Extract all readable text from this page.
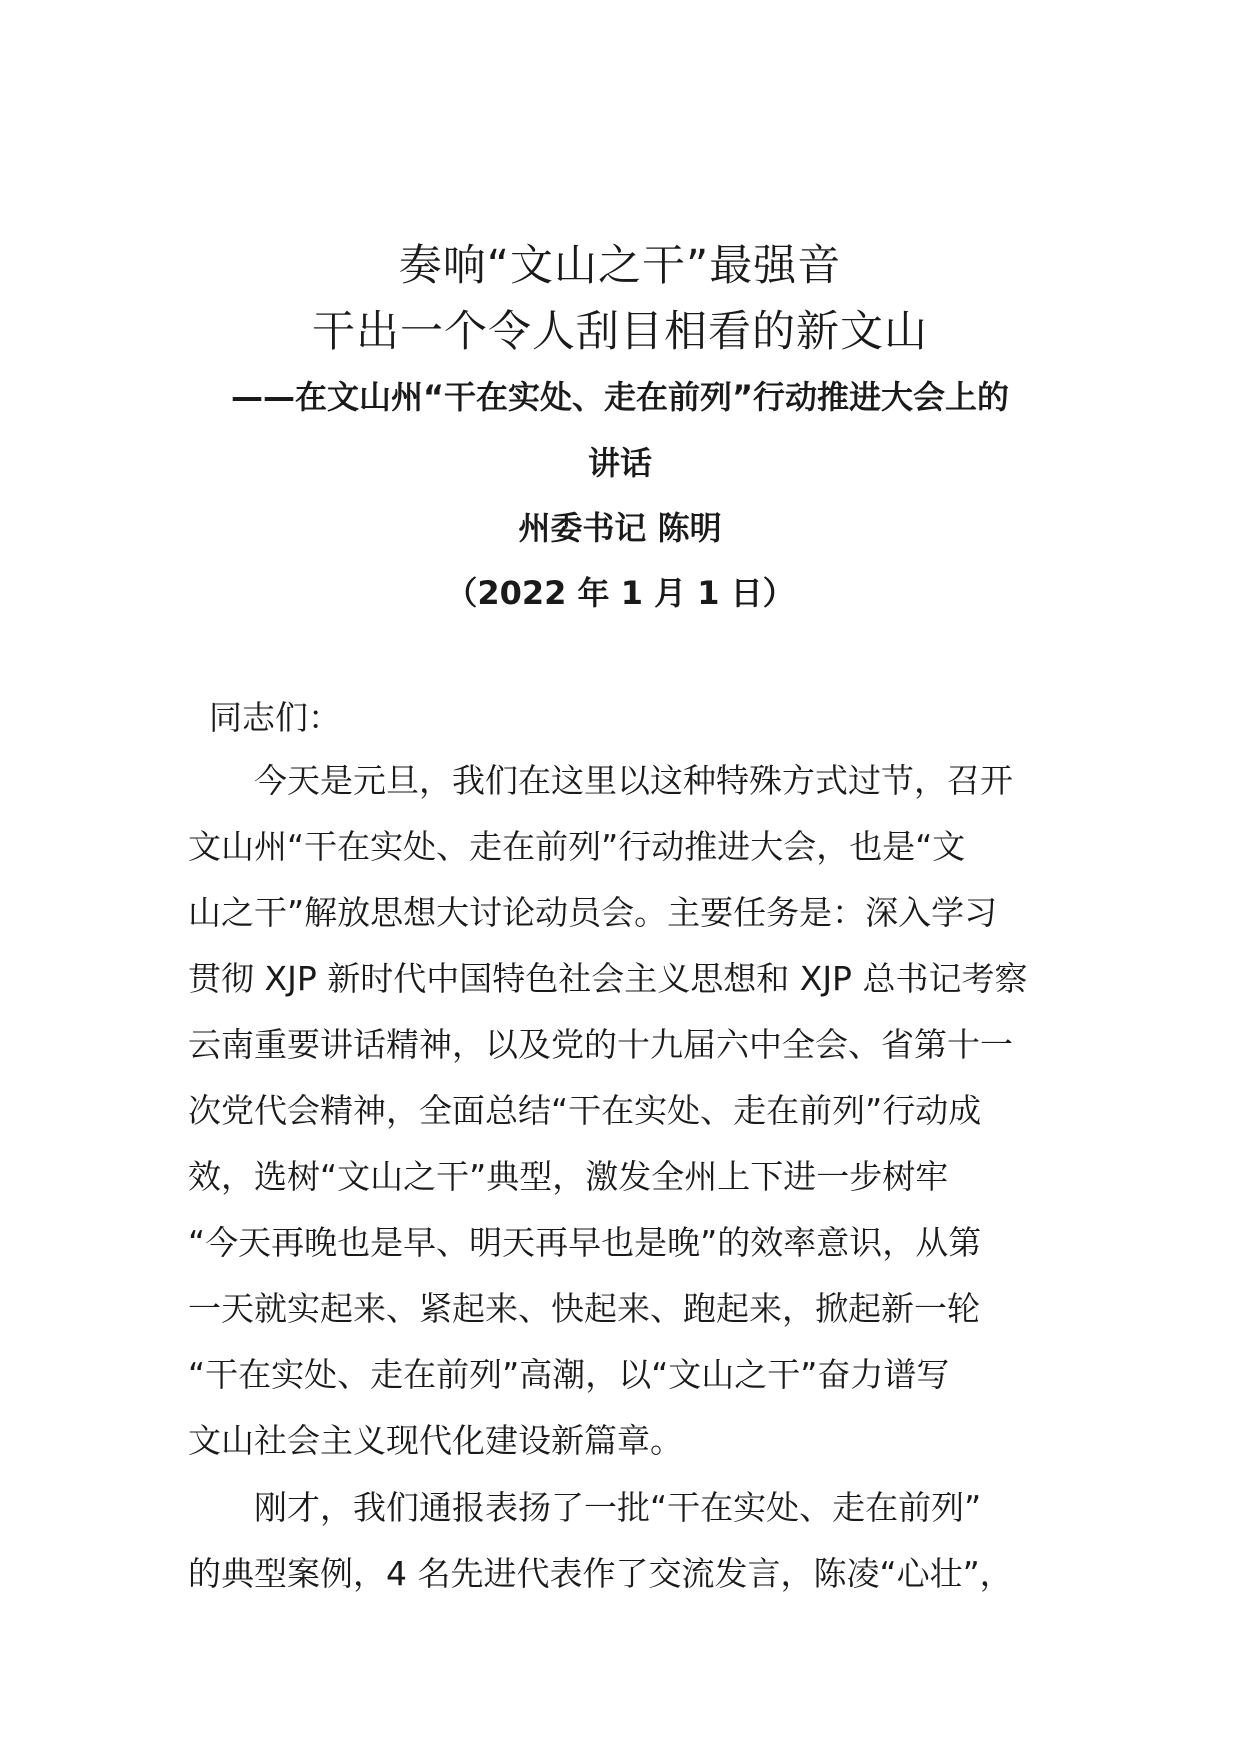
奏响“文山之干”最强音
干出一个令人刮目相看的新文山
——在文山州“干在实处、走在前列”行动推进大会上的
讲话
州委书记 陈明
（2022 年 1 月 1 日）
同志们：
　　今天是元旦，我们在这里以这种特殊方式过节，召开
文山州“干在实处、走在前列”行动推进大会，也是“文
山之干”解放思想大讨论动员会。主要任务是：深入学习
贯彻 XJP 新时代中国特色社会主义思想和 XJP 总书记考察
云南重要讲话精神，以及党的十九届六中全会、省第十一
次党代会精神，全面总结“干在实处、走在前列”行动成
效，选树“文山之干”典型，激发全州上下进一步树牢
“今天再晚也是早、明天再早也是晚”的效率意识，从第
一天就实起来、紧起来、快起来、跑起来，掀起新一轮
“干在实处、走在前列”高潮，以“文山之干”奋力谱写
文山社会主义现代化建设新篇章。
　　刚才，我们通报表扬了一批“干在实处、走在前列”
的典型案例，4 名先进代表作了交流发言，陈凌“心壮”，
